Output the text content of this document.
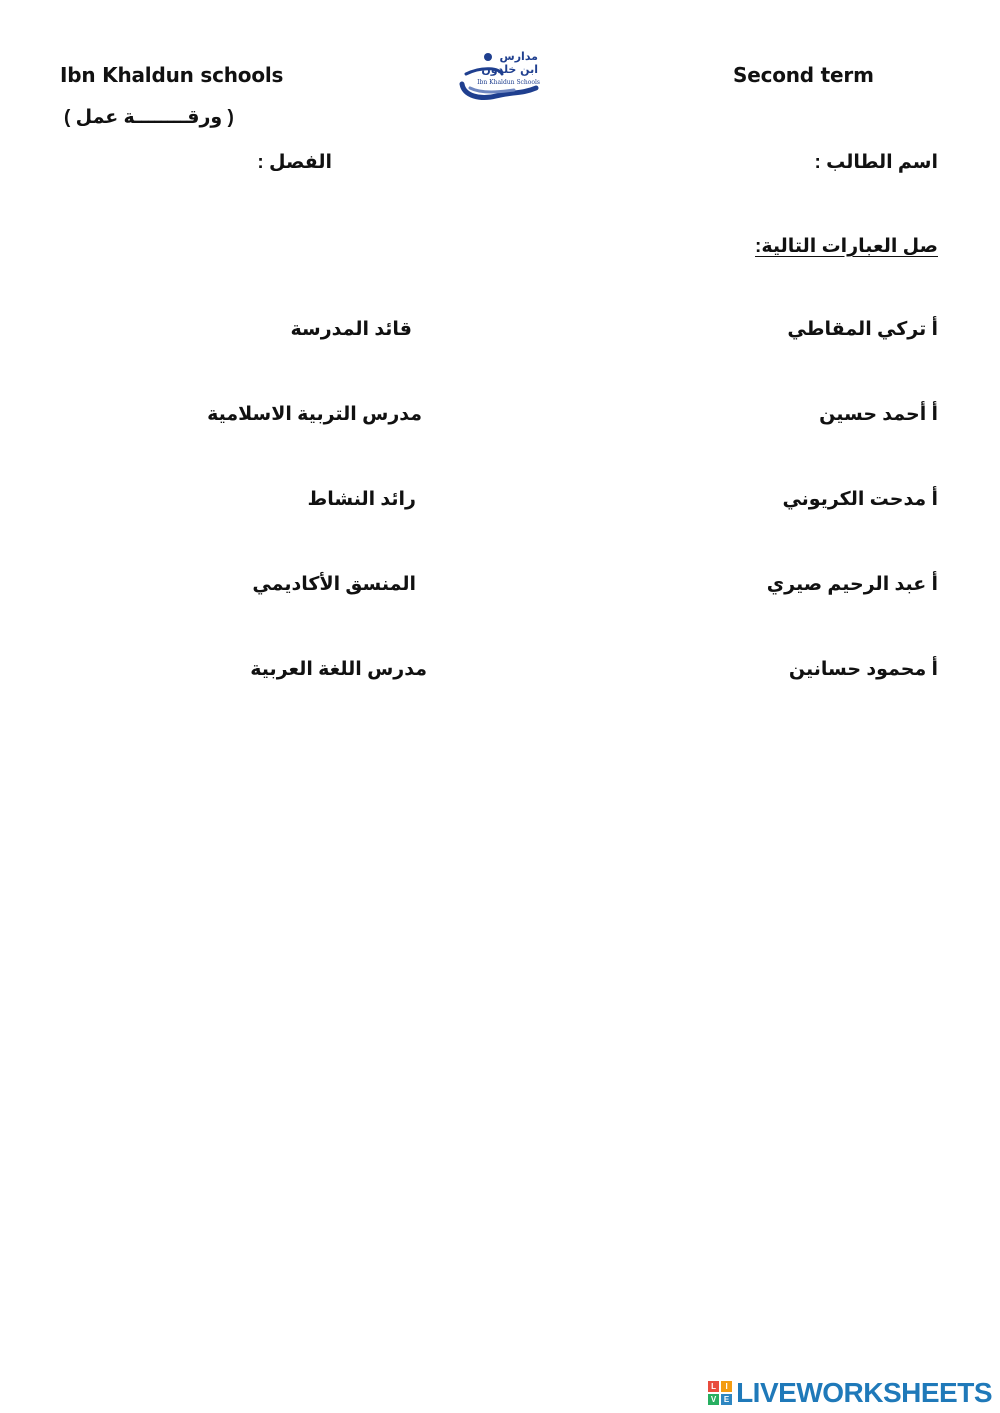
Ibn Khaldun schools
مدارس
ابن خلدون
Ibn Khaldun Schools	Second term
( ورقــــــــة عمل )
اسم الطالب :
الفصل :
صل العبارات التالية:
أ تركي المقاطي
قائد المدرسة
أ أحمد حسين
مدرس التربية الاسلامية
أ مدحت الكريوني
رائد النشاط
أ عبد الرحيم صيري
المنسق الأكاديمي
أ محمود حسانين
مدرس اللغة العربية
L	I
V E LIVEWORKSHEETS
